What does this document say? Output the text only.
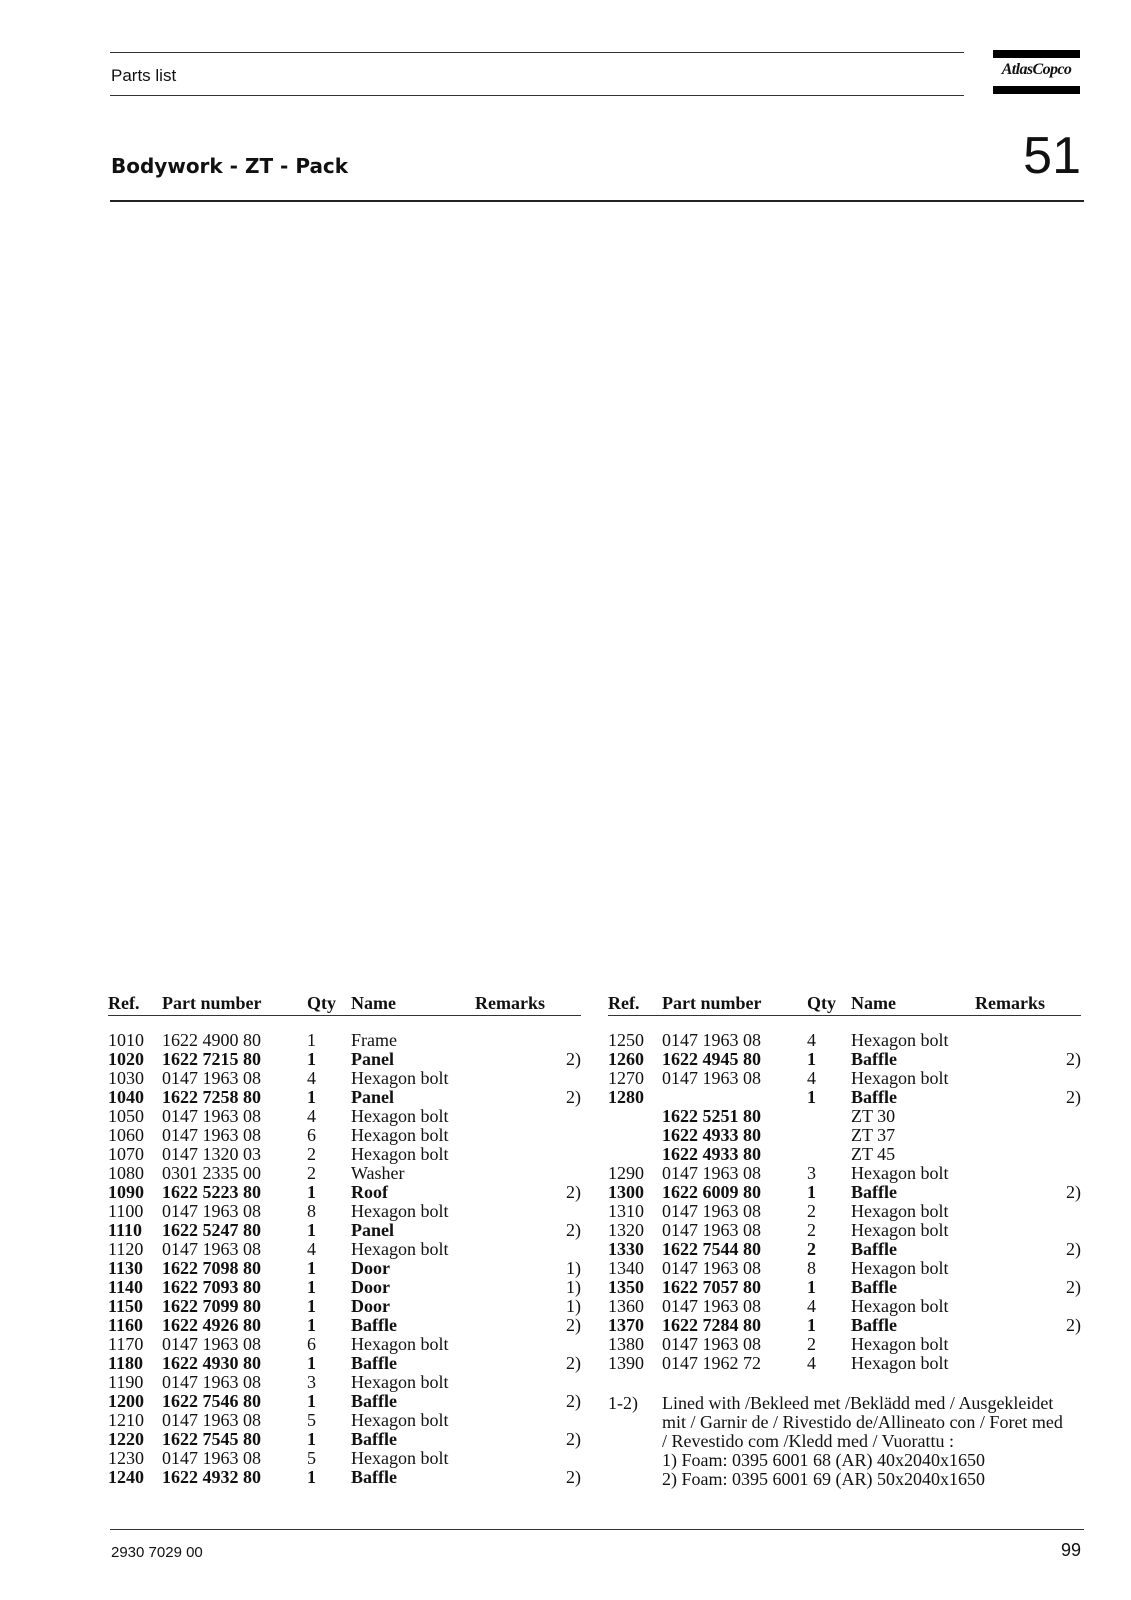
Parts list	AtlasCopco
Bodywork - ZT - Pack	51
Ref. Part number	Qty Name	Remarks
1010 1622 4900 80	1 Frame
1020 1622 7215 80	1 Panel	2)
1030 0147 1963 08	4 Hexagon bolt
1040 1622 7258 80	1 Panel	2)
1050 0147 1963 08	4 Hexagon bolt
1060 0147 1963 08	6 Hexagon bolt
1070 0147 1320 03	2 Hexagon bolt
1080 0301 2335 00	2 Washer
1090 1622 5223 80	1 Roof	2)
1100 0147 1963 08	8 Hexagon bolt
1110 1622 5247 80	1 Panel	2)
1120 0147 1963 08	4 Hexagon bolt
1130 1622 7098 80	1 Door	1)
1140 1622 7093 80	1 Door	1)
1150 1622 7099 80	1 Door	1)
1160 1622 4926 80	1 Baffle	2)
1170 0147 1963 08	6 Hexagon bolt
1180 1622 4930 80	1 Baffle	2)
1190 0147 1963 08	3 Hexagon bolt
1200 1622 7546 80	1 Baffle	2)
1210 0147 1963 08	5 Hexagon bolt
1220 1622 7545 80	1 Baffle	2)
1230 0147 1963 08	5 Hexagon bolt
1240 1622 4932 80	1 Baffle	2)
Ref. Part number	Qty Name	Remarks
1250 0147 1963 08	4 Hexagon bolt
1260 1622 4945 80	1 Baffle	2)
1270 0147 1963 08	4 Hexagon bolt
1280	1 Baffle	2)
1622 5251 80	ZT 30
1622 4933 80	ZT 37
1622 4933 80	ZT 45
1290 0147 1963 08	3 Hexagon bolt
1300 1622 6009 80	1 Baffle	2)
1310 0147 1963 08	2 Hexagon bolt
1320 0147 1963 08	2 Hexagon bolt
1330 1622 7544 80	2 Baffle	2)
1340 0147 1963 08	8 Hexagon bolt
1350 1622 7057 80	1 Baffle	2)
1360 0147 1963 08	4 Hexagon bolt
1370 1622 7284 80	1 Baffle	2)
1380 0147 1963 08	2 Hexagon bolt
1390 0147 1962 72	4 Hexagon bolt
1-2) Lined with /Bekleed met /Beklädd med / Ausgekleidet
mit / Garnir de / Rivestido de/Allineato con / Foret med
/ Revestido com /Kledd med / Vuorattu :
1) Foam: 0395 6001 68 (AR) 40x2040x1650
2) Foam: 0395 6001 69 (AR) 50x2040x1650
2930 7029 00	99
